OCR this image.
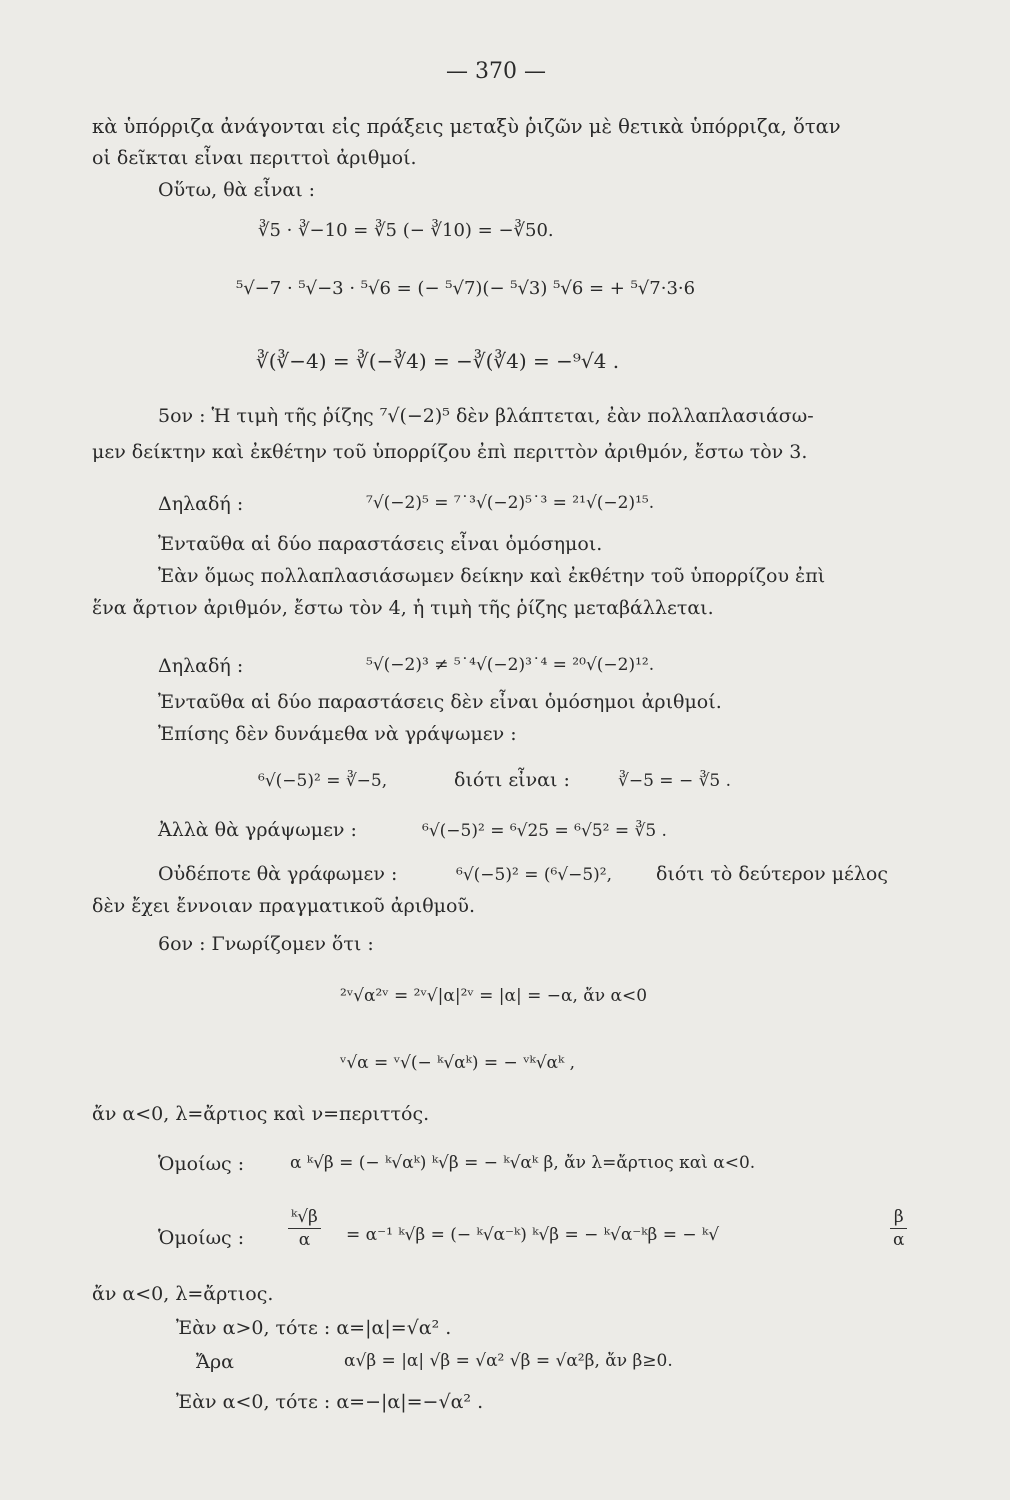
— 370 —
κὰ ὑπόρριζα ἀνάγονται εἰς πράξεις μεταξὺ ῥιζῶν μὲ θετικὰ ὑπόρριζα, ὅταν
οἱ δεῖκται εἶναι περιττοὶ ἀριθμοί.
Οὕτω, θὰ εἶναι :
∛5 · ∛−10 = ∛5 (− ∛10) = −∛50.
⁵√−7 · ⁵√−3 · ⁵√6 = (− ⁵√7)(− ⁵√3) ⁵√6 = + ⁵√7·3·6
∛(∛−4) = ∛(−∛4) = −∛(∛4) = −⁹√4 .
5ον : Ἡ τιμὴ τῆς ῥίζης ⁷√(−2)⁵ δὲν βλάπτεται, ἐὰν πολλαπλασιάσω-
μεν δείκτην καὶ ἐκθέτην τοῦ ὑπορρίζου ἐπὶ περιττὸν ἀριθμόν, ἔστω τὸν 3.
Δηλαδή :	⁷√(−2)⁵ = ⁷˙³√(−2)⁵˙³ = ²¹√(−2)¹⁵.
Ἐνταῦθα αἱ δύο παραστάσεις εἶναι ὁμόσημοι.
Ἐὰν ὅμως πολλαπλασιάσωμεν δείκην καὶ ἐκθέτην τοῦ ὑπορρίζου ἐπὶ
ἕνα ἄρτιον ἀριθμόν, ἔστω τὸν 4, ἡ τιμὴ τῆς ῥίζης μεταβάλλεται.
Δηλαδή :	⁵√(−2)³ ≠ ⁵˙⁴√(−2)³˙⁴ = ²⁰√(−2)¹².
Ἐνταῦθα αἱ δύο παραστάσεις δὲν εἶναι ὁμόσημοι ἀριθμοί.
Ἐπίσης δὲν δυνάμεθα νὰ γράψωμεν :
⁶√(−5)² = ∛−5,	διότι εἶναι :	∛−5 = − ∛5 .
Ἀλλὰ θὰ γράψωμεν :	⁶√(−5)² = ⁶√25 = ⁶√5² = ∛5 .
Οὐδέποτε θὰ γράφωμεν :	⁶√(−5)² = (⁶√−5)², διότι τὸ δεύτερον μέλος
δὲν ἔχει ἔννοιαν πραγματικοῦ ἀριθμοῦ.
6ον : Γνωρίζομεν ὅτι :
²ᵛ√α²ᵛ = ²ᵛ√|α|²ᵛ = |α| = −α, ἄν α<0
ᵛ√α = ᵛ√(− ᵏ√αᵏ) = − ᵛᵏ√αᵏ ,
ἄν α<0, λ=ἄρτιος καὶ ν=περιττός.
Ὁμοίως :	α ᵏ√β = (− ᵏ√αᵏ) ᵏ√β = − ᵏ√αᵏ β, ἄν λ=ἄρτιος καὶ α<0.
Ὁμοίως :	$\frac{\text{ᵏ√β}}{\alpha} = \alpha^{-1}$ ᵏ√β = (− ᵏ√α⁻ᵏ) ᵏ√β = − ᵏ√α⁻ᵏβ = − ᵏ√	$\frac{\beta}{\alpha}$
ἄν α<0, λ=ἄρτιος.
Ἐὰν α>0, τότε : α=|α|=√α² .
Ἄρα	α√β = |α| √β = √α² √β = √α²β, ἄν β≥0.
Ἐὰν α<0, τότε : α=−|α|=−√α² .
